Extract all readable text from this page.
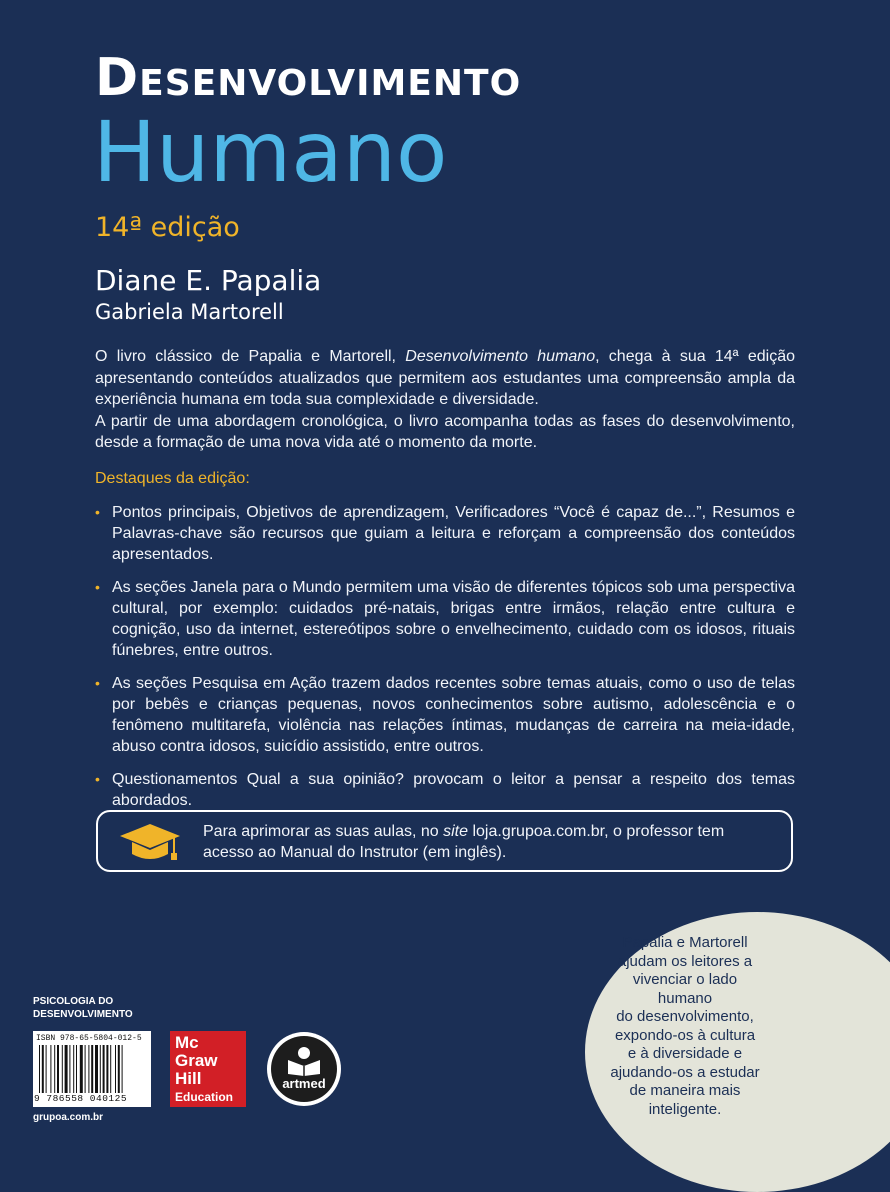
Desenvolvimento
Humano
14ª edição
Diane E. Papalia
Gabriela Martorell

O livro clássico de Papalia e Martorell, Desenvolvimento humano, chega à sua 14ª edição apresentando conteúdos atualizados que permitem aos estudantes uma compreensão ampla da experiência humana em toda sua complexidade e diversidade.

A partir de uma abordagem cronológica, o livro acompanha todas as fases do desenvolvimento, desde a formação de uma nova vida até o momento da morte.

Destaques da edição:
• Pontos principais, Objetivos de aprendizagem, Verificadores “Você é capaz de...”, Resumos e Palavras-chave são recursos que guiam a leitura e reforçam a compreensão dos conteúdos apresentados.
• As seções Janela para o Mundo permitem uma visão de diferentes tópicos sob uma perspectiva cultural, por exemplo: cuidados pré-natais, brigas entre irmãos, relação entre cultura e cognição, uso da internet, estereótipos sobre o envelhecimento, cuidado com os idosos, rituais fúnebres, entre outros.
• As seções Pesquisa em Ação trazem dados recentes sobre temas atuais, como o uso de telas por bebês e crianças pequenas, novos conhecimentos sobre autismo, adolescência e o fenômeno multitarefa, violência nas relações íntimas, mudanças de carreira na meia-idade, abuso contra idosos, suicídio assistido, entre outros.
• Questionamentos Qual a sua opinião? provocam o leitor a pensar a respeito dos temas abordados.
Para aprimorar as suas aulas, no site loja.grupoa.com.br, o professor tem acesso ao Manual do Instrutor (em inglês).
Papalia e Martorell
ajudam os leitores a
vivenciar o lado humano
do desenvolvimento,
expondo-os à cultura
e à diversidade e
ajudando-os a estudar
de maneira mais
inteligente.
PSICOLOGIA DO
DESENVOLVIMENTO
ISBN 978-65-5804-012-5
9 786558 040125
Mc
Graw
Hill
Education
artmed
grupoa.com.br
